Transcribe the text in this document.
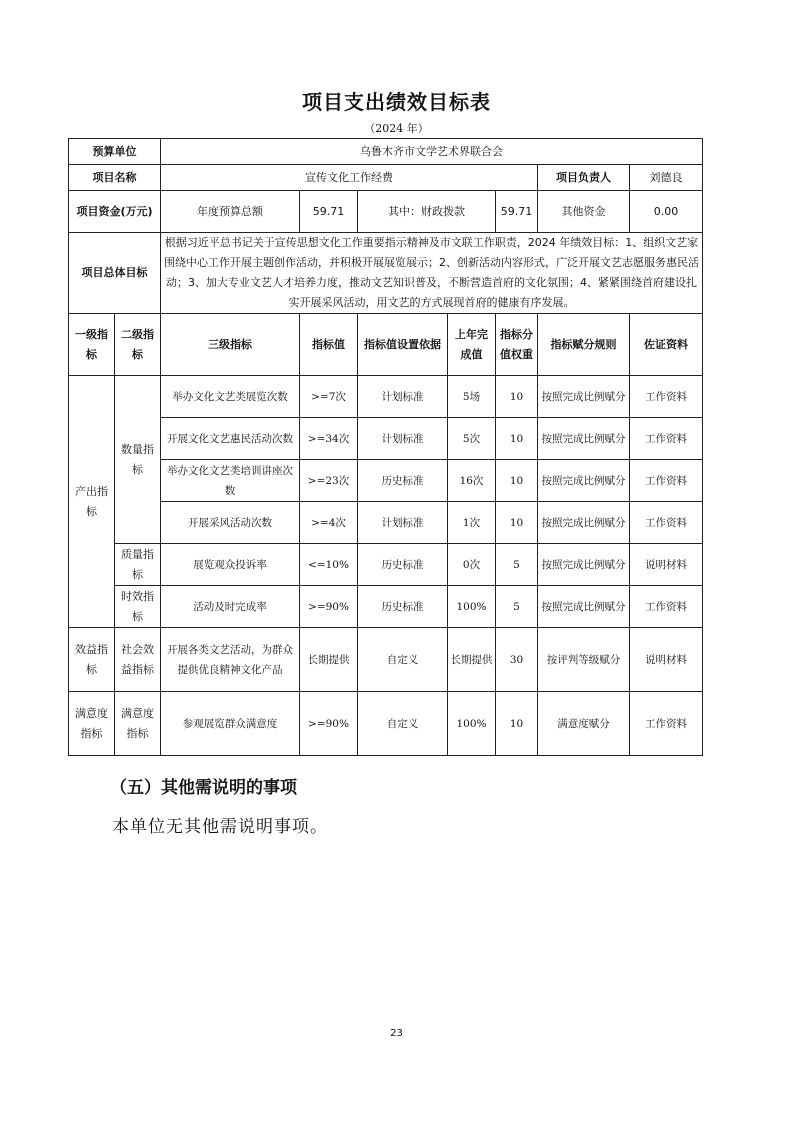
项目支出绩效目标表
（2024 年）
预算单位		乌鲁木齐市文学艺术界联合会						
项目名称		宣传文化工作经费					项目负责人	刘德良
项目资金(万元)		年度预算总额	59.71	其中：财政拨款		59.71	其他资金	0.00
项目总体目标		根据习近平总书记关于宣传思想文化工作重要指示精神及市文联工作职责，2024 年绩效目标：1、组织文艺家围绕中心工作开展主题创作活动，并积极开展展览展示；2、创新活动内容形式，广泛开展文艺志愿服务惠民活动；3、加大专业文艺人才培养力度，推动文艺知识普及，不断营造首府的文化氛围；4、紧紧围绕首府建设扎实开展采风活动，用文艺的方式展现首府的健康有序发展。						
一级指标	二级指标	三级指标	指标值	指标值设置依据	上年完成值	指标分值权重	指标赋分规则	佐证资料
产出指标	数量指标	举办文化文艺类展览次数	>=7次	计划标准	5场	10	按照完成比例赋分	工作资料
		开展文化文艺惠民活动次数	>=34次	计划标准	5次	10	按照完成比例赋分	工作资料
		举办文化文艺类培训讲座次数	>=23次	历史标准	16次	10	按照完成比例赋分	工作资料
		开展采风活动次数	>=4次	计划标准	1次	10	按照完成比例赋分	工作资料
	质量指标	展览观众投诉率	<=10%	历史标准	0次	5	按照完成比例赋分	说明材料
	时效指标	活动及时完成率	>=90%	历史标准	100%	5	按照完成比例赋分	工作资料
效益指标	社会效益指标	开展各类文艺活动，为群众提供优良精神文化产品	长期提供	自定义	长期提供	30	按评判等级赋分	说明材料
满意度指标	满意度指标	参观展览群众满意度	>=90%	自定义	100%	10	满意度赋分	工作资料
（五）其他需说明的事项
本单位无其他需说明事项。
23
